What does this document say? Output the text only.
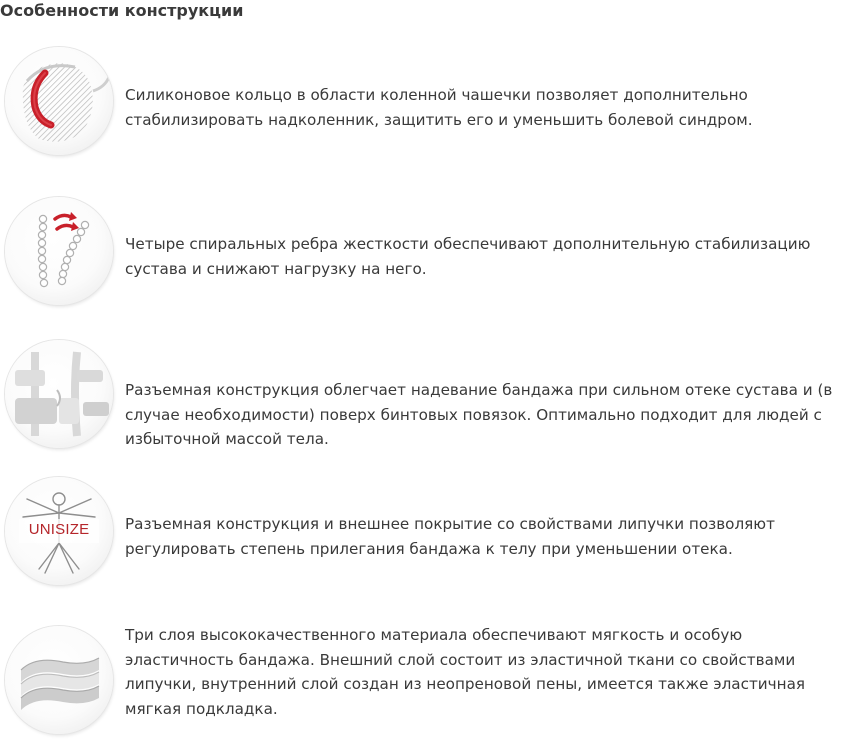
Особенности конструкции
Силиконовое кольцо в области коленной чашечки позволяет дополнительно стабилизировать надколенник, защитить его и уменьшить болевой синдром.
Четыре спиральных ребра жесткости обеспечивают дополнительную стабилизацию сустава и снижают нагрузку на него.
Разъемная конструкция облегчает надевание бандажа при сильном отеке сустава и (в случае необходимости) поверх бинтовых повязок. Оптимально подходит для людей с избыточной массой тела.
UNISIZE	Разъемная конструкция и внешнее покрытие со свойствами липучки позволяют регулировать степень прилегания бандажа к телу при уменьшении отека.
Три слоя высококачественного материала обеспечивают мягкость и особую эластичность бандажа. Внешний слой состоит из эластичной ткани со свойствами липучки, внутренний слой создан из неопреновой пены, имеется также эластичная мягкая подкладка.
